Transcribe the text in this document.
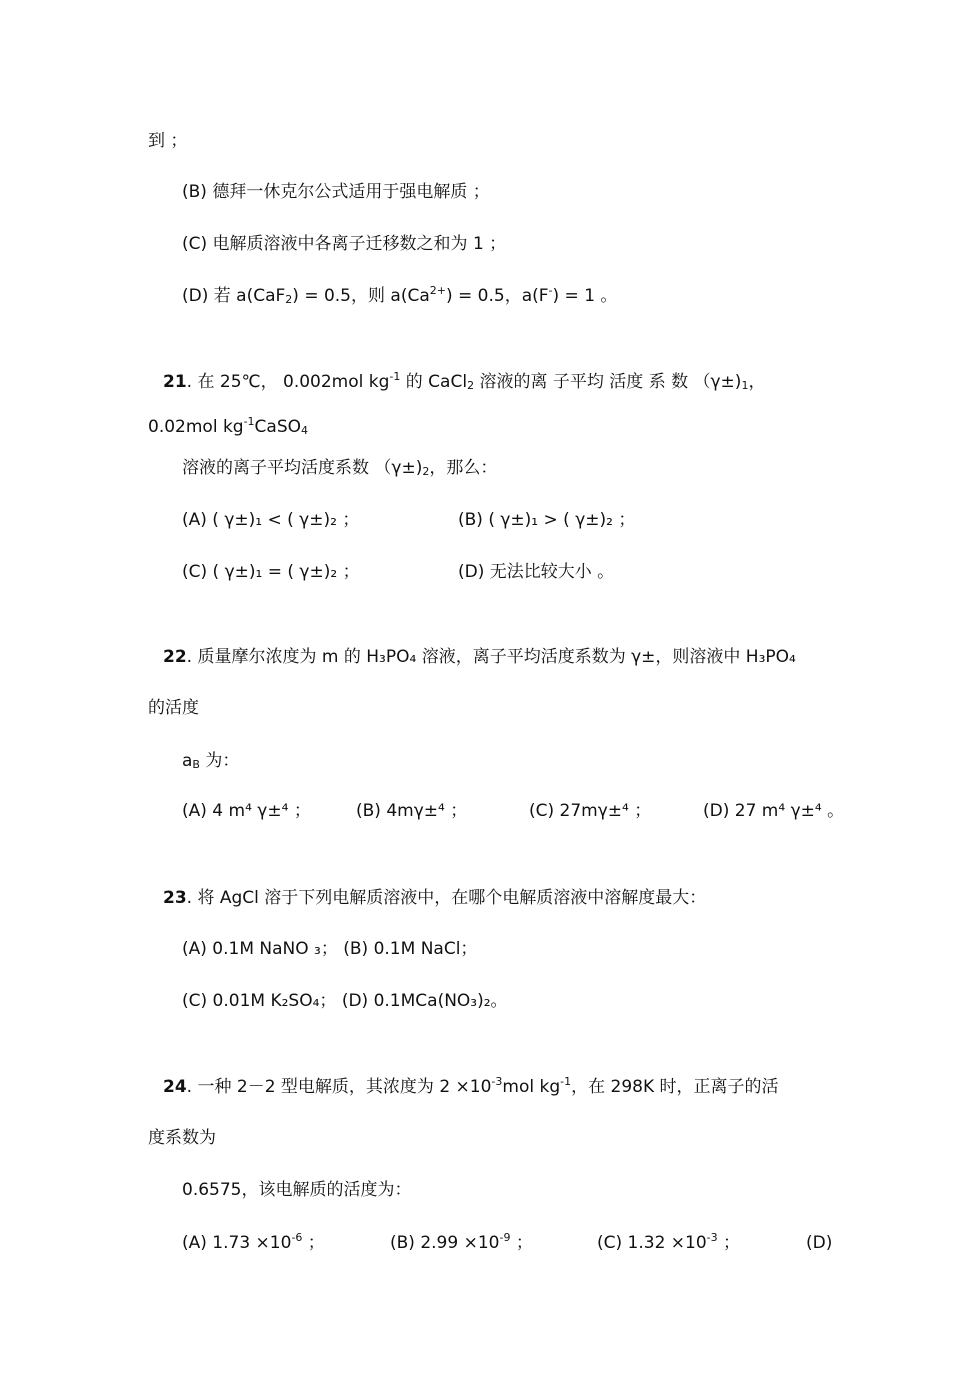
到 ；
(B) 德拜一休克尔公式适用于强电解质 ；
(C) 电解质溶液中各离子迁移数之和为 1 ；
(D) 若 a(CaF$_2$) = 0.5，则 $a(Ca^{2+}) = 0.5$，a(F-) = 1 。
21. 在 25℃， 0.002mol $kg^{-1}$ 的 CaCl$_2$ 溶液的离 子平均 活度 系 数 $(\gamma\pm)_1$，
0.02mol $kg^{-1}CaSO_4$
溶液的离子平均活度系数 $(\gamma\pm)_2$，那么：
(A) ( γ±)₁ < ( γ±)₂ ；	(B) ( γ±)₁ > ( γ±)₂ ；
(C) ( γ±)₁ = ( γ±)₂ ；	(D) 无法比较大小 。
22. 质量摩尔浓度为 m 的 H₃PO₄ 溶液，离子平均活度系数为 γ±，则溶液中 H₃PO₄
的活度
$a_B$ 为：
(A) 4 m⁴ γ±⁴ ；	(B) 4mγ±⁴ ；	(C) 27mγ±⁴ ；	(D) 27 m⁴ γ±⁴ 。
23. 将 AgCl 溶于下列电解质溶液中，在哪个电解质溶液中溶解度最大：
(A) 0.1M NaNO ₃； (B) 0.1M NaCl；
(C) 0.01M K₂SO₄； (D) 0.1MCa(NO₃)₂。
24. 一种 2－2 型电解质，其浓度为 $2 \times 10^{-3}mol$ $kg^{-1}$，在 298K 时，正离子的活
度系数为
0.6575，该电解质的活度为：
(A) $1.73 \times 10^{-6}$ ；	(B) $2.99 \times 10^{-9}$ ；	(C) $1.32 \times 10^{-3}$ ；	(D)
